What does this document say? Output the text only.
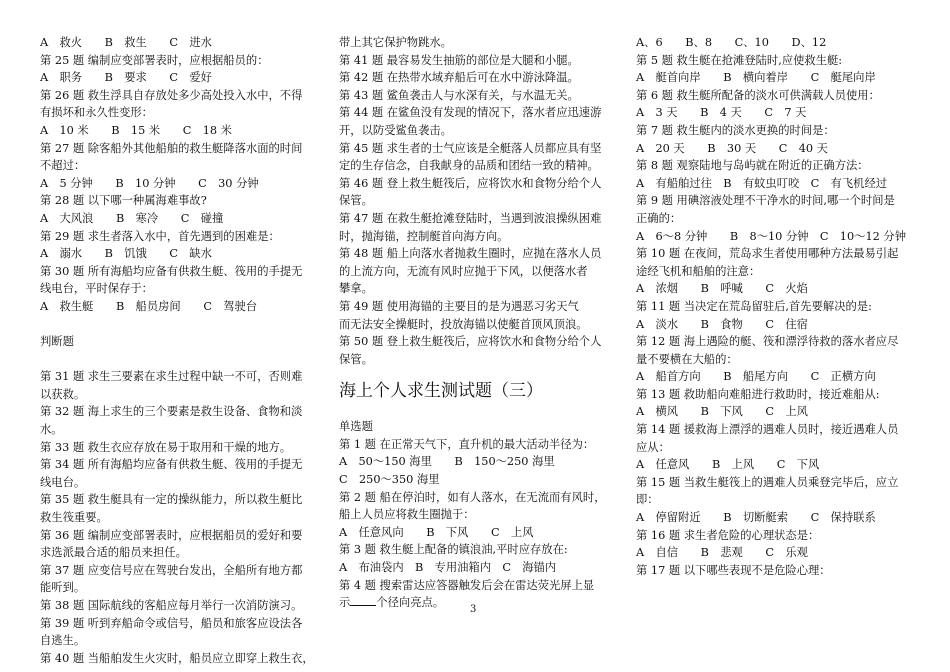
A　救火　　B　救生　　C　进水
第 25 题 编制应变部署表时，应根据船员的：
A　职务　　B　要求　　C　爱好
第 26 题 救生浮具自存放处多少高处投入水中，不得
有损坏和永久性变形：
A　10 米　　B　15 米　　C　18 米
第 27 题 除客船外其他船舶的救生艇降落水面的时间
不超过：
A　5 分钟　　B　10 分钟　　C　30 分钟
第 28 题 以下哪一种属海难事故?
A　大风浪　　B　寒冷　　C　碰撞
第 29 题 求生者落入水中，首先遇到的困难是：
A　溺水　　B　饥饿　　C　缺水
第 30 题 所有海船均应备有供救生艇、筏用的手提无
线电台，平时保存于：
A　救生艇　　B　船员房间　　C　驾驶台
判断题
第 31 题 求生三要素在求生过程中缺一不可，否则难
以获救。
第 32 题 海上求生的三个要素是救生设备、食物和淡
水。
第 33 题 救生衣应存放在易于取用和干燥的地方。
第 34 题 所有海船均应备有供救生艇、筏用的手提无
线电台。
第 35 题 救生艇具有一定的操纵能力，所以救生艇比
救生筏重要。
第 36 题 编制应变部署表时，应根据船员的爱好和要
求选派最合适的船员来担任。
第 37 题 应变信号应在驾驶台发出，全船所有地方都
能听到。
第 38 题 国际航线的客船应每月举行一次消防演习。
第 39 题 听到弃船命令或信号，船员和旅客应设法各
自逃生。
第 40 题 当船舶发生火灾时，船员应立即穿上救生衣，
带上其它保护物跳水。
第 41 题 最容易发生抽筋的部位是大腿和小腿。
第 42 题 在热带水域弃船后可在水中游泳降温。
第 43 题 鲨鱼袭击人与水深有关，与水温无关。
第 44 题 在鲨鱼没有发现的情况下，落水者应迅速游
开，以防受鲨鱼袭击。
第 45 题 求生者的士气应该是全艇落人员都应具有坚
定的生存信念，自我献身的品质和团结一致的精神。
第 46 题 登上救生艇筏后，应将饮水和食物分给个人
保管。
第 47 题 在救生艇抢滩登陆时，当遇到波浪操纵困难
时，抛海锚，控制艇首向海方向。
第 48 题 船上向落水者抛救生圈时，应抛在落水人员
的上流方向，无流有风时应抛于下风，以便落水者
攀拿。
第 49 题 使用海锚的主要目的是为遇恶习劣天气
而无法安全操艇时，投放海锚以使艇首顶风顶浪。
第 50 题 登上救生艇筏后，应将饮水和食物分给个人
保管。
海上个人求生测试题（三）
单选题
第 1 题 在正常天气下，直升机的最大活动半径为：
A　50～150 海里　　B　150～250 海里
C　250～350 海里
第 2 题 船在停泊时，如有人落水，在无流而有风时，
船上人员应将救生圈抛于：
A　任意风向　　B　下风　　C　上风
第 3 题 救生艇上配备的镇浪油,平时应存放在:
A　布油袋内　B　专用油箱内　C　海锚内
第 4 题 搜索雷达应答器触发后会在雷达荧光屏上显
示 个径向亮点。
A、6　　B、8　　C、10　　D、12
第 5 题 救生艇在抢滩登陆时,应使救生艇:
A　艇首向岸　　B　横向着岸　　C　艇尾向岸
第 6 题 救生艇所配备的淡水可供满载人员使用：
A　3 天　　B　4 天　　C　7 天
第 7 题 救生艇内的淡水更换的时间是：
A　20 天　　B　30 天　　C　40 天
第 8 题 观察陆地与岛屿就在附近的正确方法：
A　有船舶过往　B　有蚊虫叮咬　C　有飞机经过
第 9 题 用碘溶液处理不干净水的时间,哪一个时间是
正确的：
A　6～8 分钟　　B　8～10 分钟　C　10～12 分钟
第 10 题 在夜间，荒岛求生者使用哪种方法最易引起
途经飞机和船舶的注意：
A　浓烟　　B　呼喊　　C　火焰
第 11 题 当决定在荒岛留驻后,首先要解决的是:
A　淡水　　B　食物　　C　住宿
第 12 题 海上遇险的艇、筏和漂浮待救的落水者应尽
量不要横在大船的：
A　船首方向　　B　船尾方向　　C　正横方向
第 13 题 救助船向难船进行救助时，接近难船从:
A　横风　　B　下风　　C　上风
第 14 题 援救海上漂浮的遇难人员时，接近遇难人员
应从：
A　任意风　　B　上风　　C　下风
第 15 题 当救生艇筏上的遇难人员乘登完毕后，应立
即：
A　停留附近　　B　切断艇索　　C　保持联系
第 16 题 求生者危险的心理状态是：
A　自信　　B　悲观　　C　乐观
第 17 题 以下哪些表现不是危险心理：
3
